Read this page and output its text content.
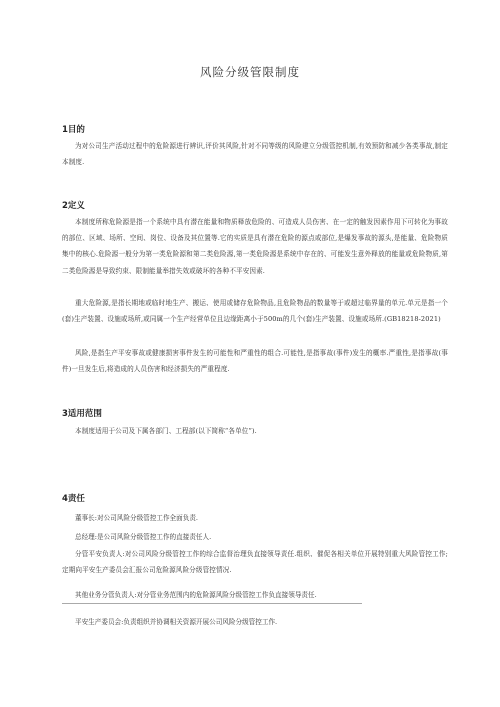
风险分级管限制度
1目的
为对公司生产活动过程中的危险源进行辨识,评价其风险,针对不同等级的风险建立分级管控机制,有效预防和减少各类事故,制定本制度.
2定义
本制度所称危险源是指一个系统中具有潜在能量和物质释放危险的、可造成人员伤害、在一定的触发因素作用下可转化为事故的部位、区域、场所、空间、岗位、设备及其位置等.它的实质是具有潜在危险的源点或部位,是爆发事故的源头,是能量、危险物质集中的核心.危险源一般分为第一类危险源和第二类危险源,第一类危险源是系统中存在的、可能发生意外释放的能量或危险物质,第二类危险源是导致约束、限制能量举措失效或破坏的各种不平安因素.
重大危险源,是指长期地或临时地生产、搬运、使用或储存危险物品,且危险物品的数量等于或超过临界量的单元.单元是指一个(套)生产装置、设施或场所,或同属一个生产经营单位且边缘距离小于500m的几个(套)生产装置、设施或场所.(GB18218-2021)
风险,是指生产平安事故或健康损害事件发生的可能性和严重性的组合.可能性,是指事故(事件)发生的概率.严重性,是指事故(事件)一旦发生后,将造成的人员伤害和经济损失的严重程度.
3适用范围
本制度适用于公司及下属各部门、工程部(以下简称“各单位”).
4责任
董事长:对公司风险分级管控工作全面负责.
总经理:是公司风险分级管控工作的直接责任人.
分管平安负责人:对公司风险分级管控工作的综合监督治理负直接领导责任.组织、催促各相关单位开展特别重大风险管控工作;定期向平安生产委员会汇报公司危险源风险分级管控情况.
其他业务分管负责人:对分管业务范围内的危险源风险分级管控工作负直接领导责任.
平安生产委员会:负责组织并协调相关资源开展公司风险分级管控工作.
